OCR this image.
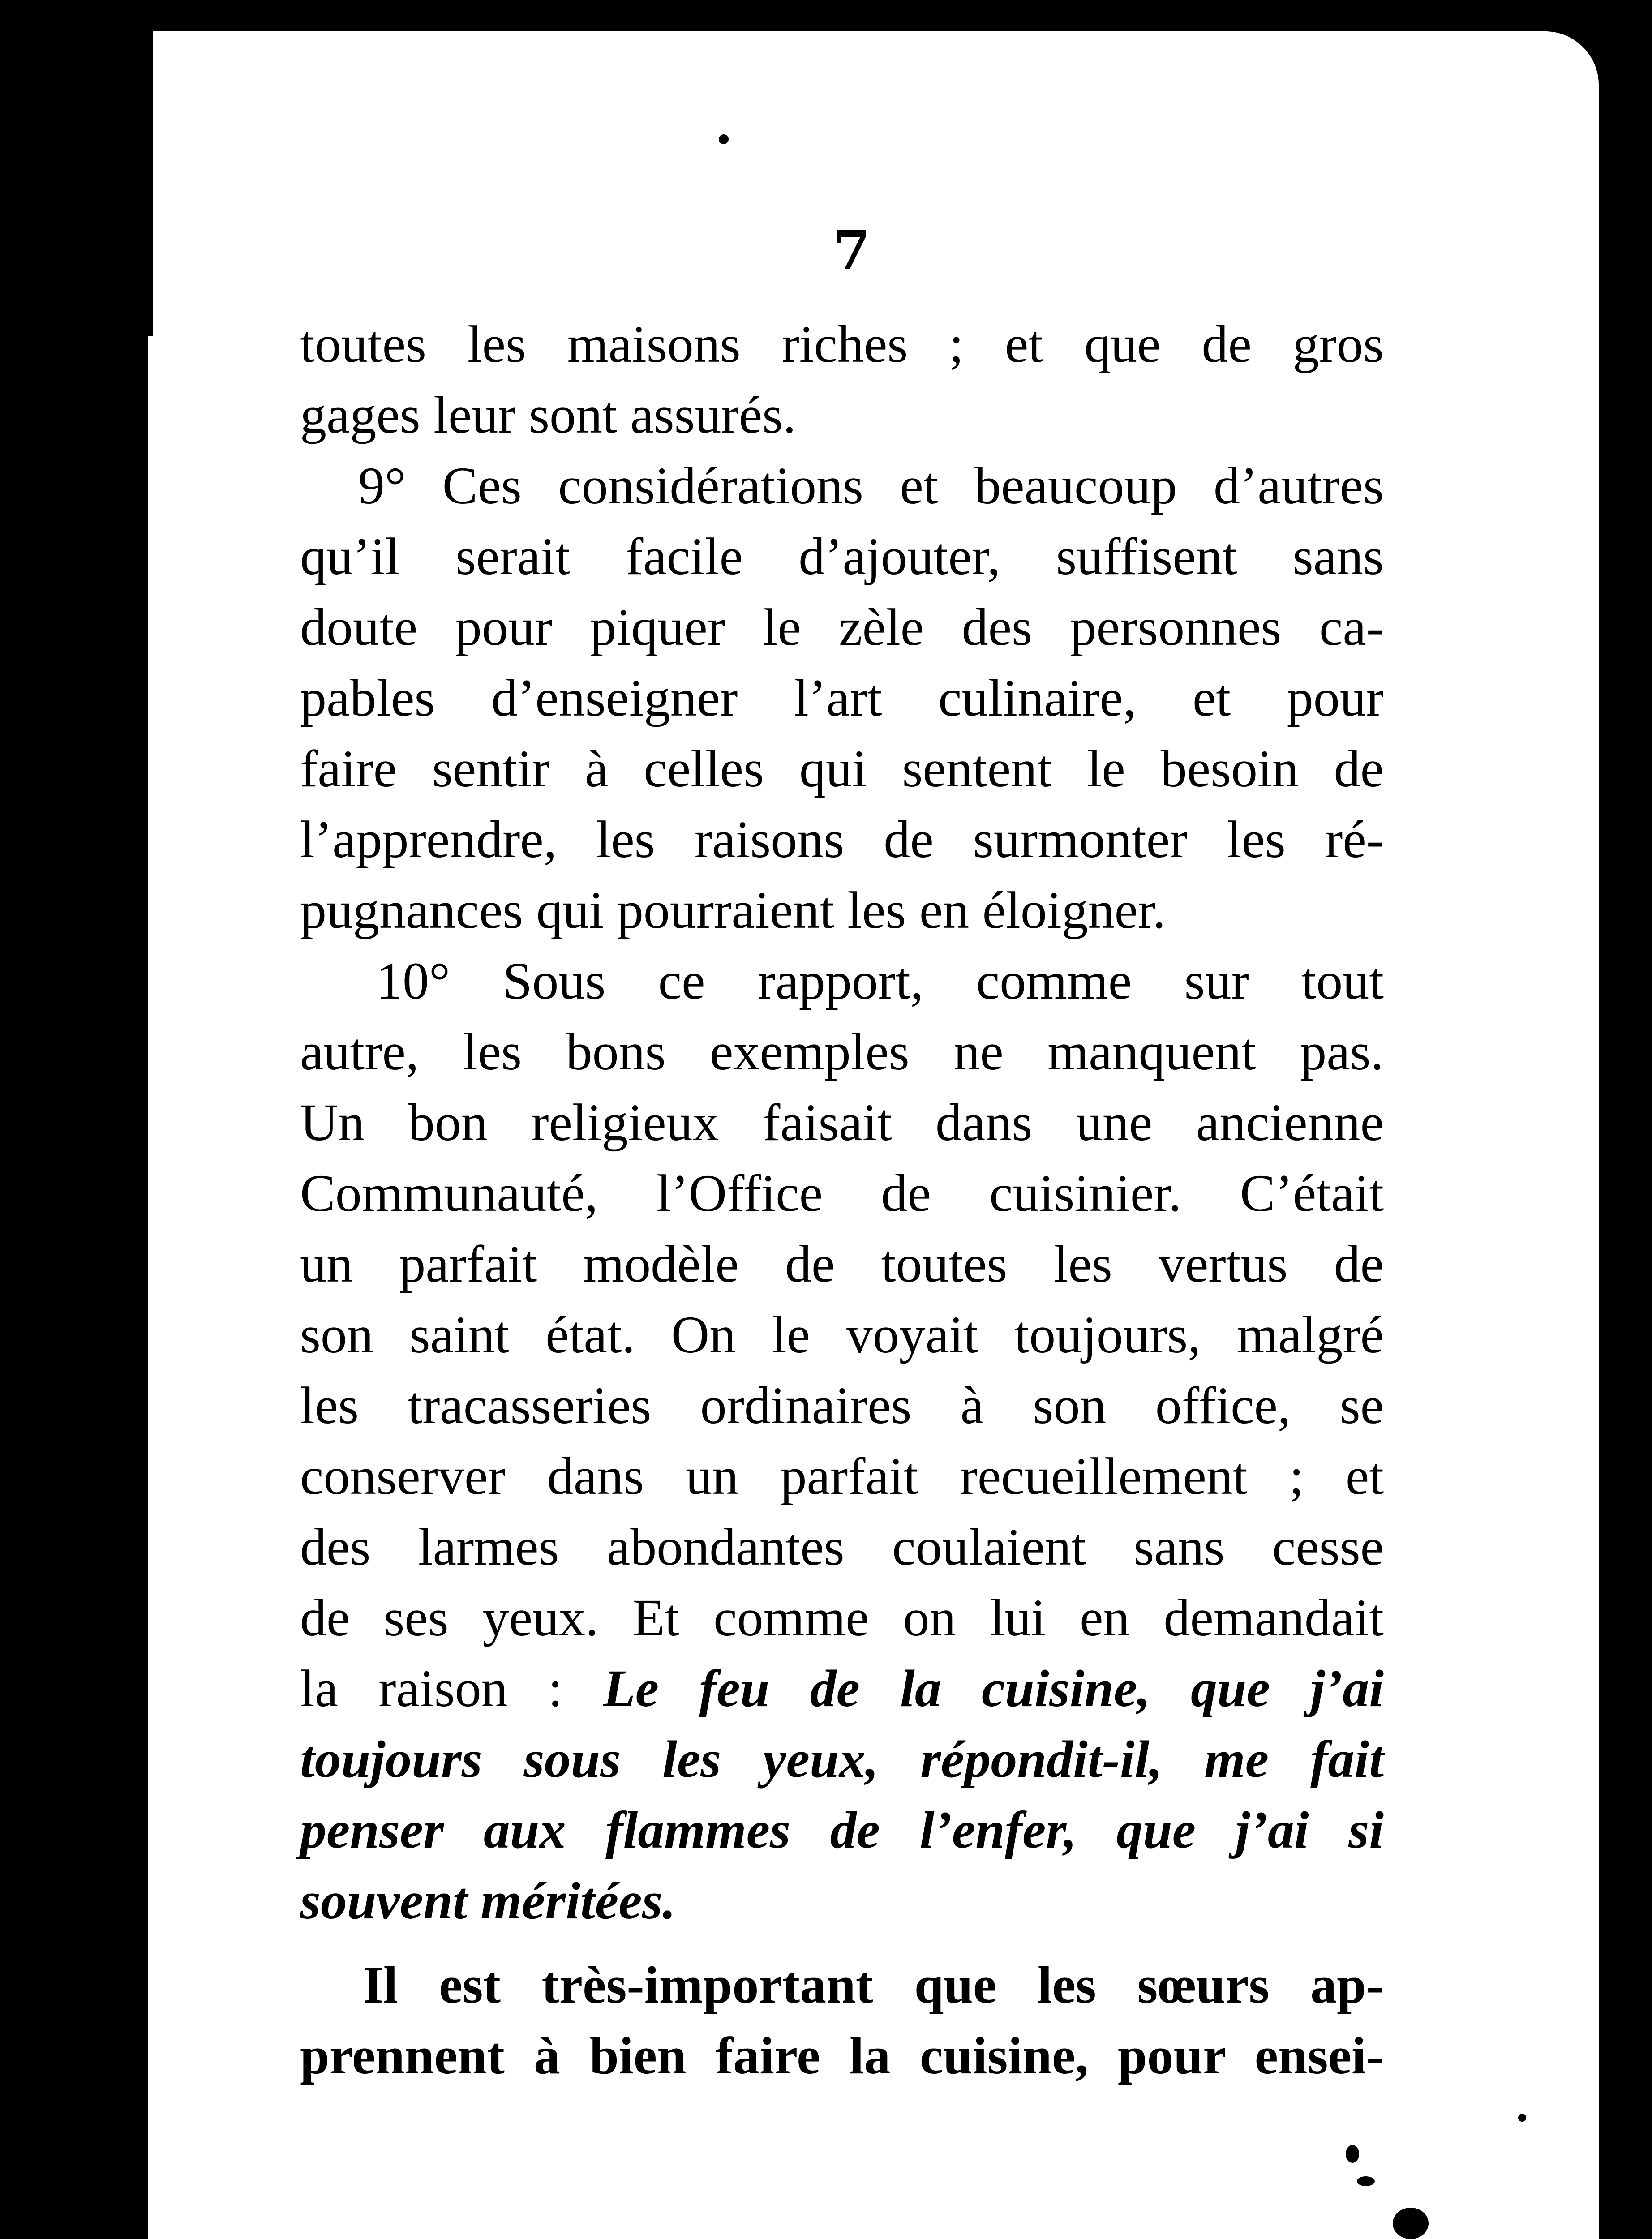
7
toutes les maisons riches ; et que de gros
gages leur sont assurés.
9° Ces considérations et beaucoup d’autres
qu’il serait facile d’ajouter, suffisent sans
doute pour piquer le zèle des personnes ca-
pables d’enseigner l’art culinaire, et pour
faire sentir à celles qui sentent le besoin de
l’apprendre, les raisons de surmonter les ré-
pugnances qui pourraient les en éloigner.
10° Sous ce rapport, comme sur tout
autre, les bons exemples ne manquent pas.
Un bon religieux faisait dans une ancienne
Communauté, l’Office de cuisinier. C’était
un parfait modèle de toutes les vertus de
son saint état. On le voyait toujours, malgré
les tracasseries ordinaires à son office, se
conserver dans un parfait recueillement ; et
des larmes abondantes coulaient sans cesse
de ses yeux. Et comme on lui en demandait
la raison : Le feu de la cuisine, que j’ai
toujours sous les yeux, répondit-il, me fait
penser aux flammes de l’enfer, que j’ai si
souvent méritées.
Il est très-important que les sœurs ap-
prennent à bien faire la cuisine, pour ensei-
